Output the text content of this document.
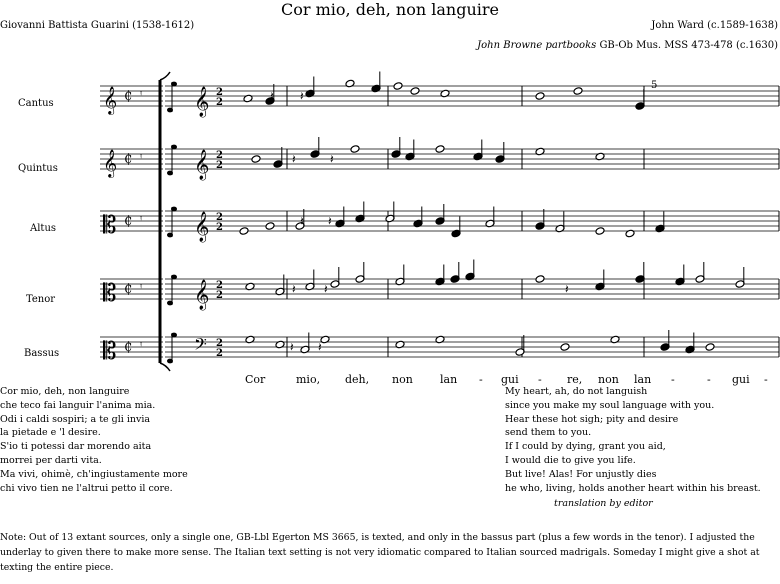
Cor mio, deh, non languire
Giovanni Battista Guarini (1538-1612)	John Ward (c.1589-1638)
John Browne partbooks GB-Ob Mus. MSS 473-478 (c.1630)
Cantus
Quintus
Altus
Tenor
Bassus
5
𝄞 ₵ ᵎ 𝄞 2
2
𝄞 ₵ ᵎ 𝄞 2
2
𝄡 ₵ ᵎ 𝄞 2
2
𝄡 ₵ ᵎ 𝄞 2
2
𝄡 ₵ ᵎ	𝄢 2
2
𝄽 𝄽
𝄽	𝄽
𝄽 𝄽
𝄽 𝄽	𝄽
𝄽 𝄽
Cor	mio, deh, non lan - gui - re, non lan -	- gui -
Cor mio, deh, non languire
che teco fai languir l'anima mia.
Odi i caldi sospiri; a te gli invia
la pietade e 'l desire.
S'io ti potessi dar morendo aita
morrei per darti vita.
Ma vivi, ohimè, ch'ingiustamente more
chi vivo tien ne l'altrui petto il core.
My heart, ah, do not languish
since you make my soul language with you.
Hear these hot sigh; pity and desire
send them to you.
If I could by dying, grant you aid,
I would die to give you life.
But live! Alas! For unjustly dies
he who, living, holds another heart within his breast.
translation by editor
Note: Out of 13 extant sources, only a single one, GB-Lbl Egerton MS 3665, is texted, and only in the bassus part (plus a few words in the tenor). I adjusted the underlay to given there to make more sense. The Italian text setting is not very idiomatic compared to Italian sourced madrigals. Someday I might give a shot at texting the entire piece.
